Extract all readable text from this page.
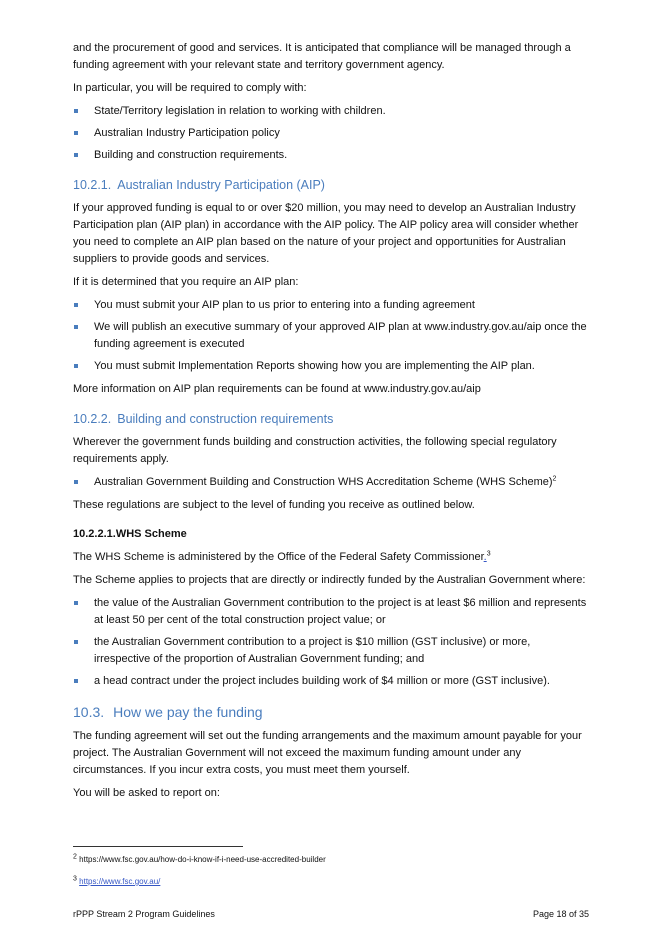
and the procurement of good and services. It is anticipated that compliance will be managed through a funding agreement with your relevant state and territory government agency.

In particular, you will be required to comply with:

State/Territory legislation in relation to working with children.
Australian Industry Participation policy
Building and construction requirements.
10.2.1. Australian Industry Participation (AIP)

If your approved funding is equal to or over $20 million, you may need to develop an Australian Industry Participation plan (AIP plan) in accordance with the AIP policy. The AIP policy area will consider whether you need to complete an AIP plan based on the nature of your project and opportunities for Australian suppliers to provide goods and services.

If it is determined that you require an AIP plan:

You must submit your AIP plan to us prior to entering into a funding agreement
We will publish an executive summary of your approved AIP plan at www.industry.gov.au/aip once the funding agreement is executed
You must submit Implementation Reports showing how you are implementing the AIP plan.

More information on AIP plan requirements can be found at www.industry.gov.au/aip

10.2.2. Building and construction requirements

Wherever the government funds building and construction activities, the following special regulatory requirements apply.

Australian Government Building and Construction WHS Accreditation Scheme (WHS Scheme)$^2$

These regulations are subject to the level of funding you receive as outlined below.

10.2.2.1.WHS Scheme

The WHS Scheme is administered by the Office of the Federal Safety Commissioner.$^3$

The Scheme applies to projects that are directly or indirectly funded by the Australian Government where:

the value of the Australian Government contribution to the project is at least $6 million and represents at least 50 per cent of the total construction project value; or
the Australian Government contribution to a project is $10 million (GST inclusive) or more, irrespective of the proportion of Australian Government funding; and
a head contract under the project includes building work of $4 million or more (GST inclusive).
10.3. How we pay the funding

The funding agreement will set out the funding arrangements and the maximum amount payable for your project. The Australian Government will not exceed the maximum funding amount under any circumstances. If you incur extra costs, you must meet them yourself.

You will be asked to report on:

$^2$ https://www.fsc.gov.au/how-do-i-know-if-i-need-use-accredited-builder
$^3$ https://www.fsc.gov.au/
rPPP Stream 2 Program Guidelines	Page 18 of 35
